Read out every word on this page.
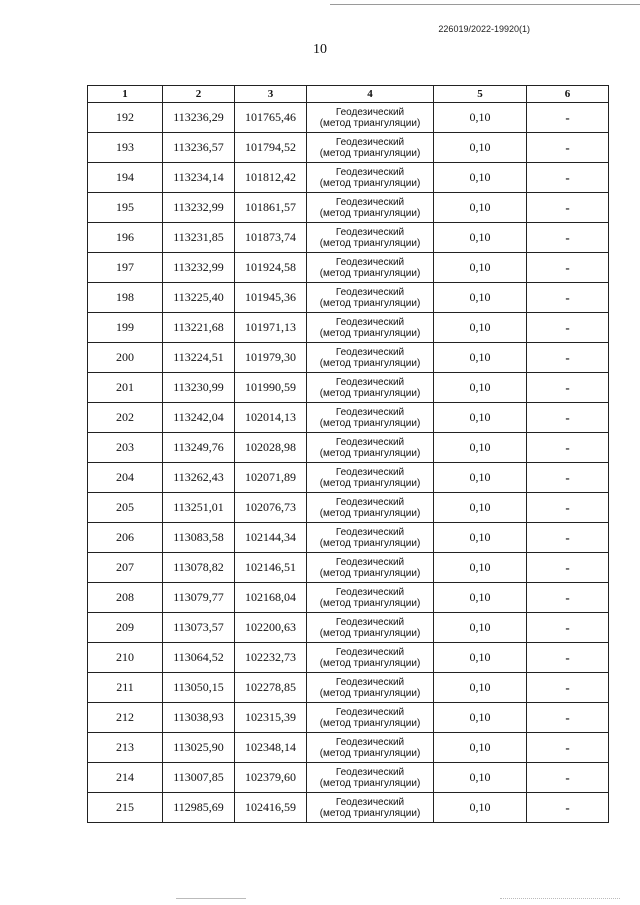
226019/2022-19920(1)
10
1	2	3	4	5	6
192	113236,29	101765,46	Геодезический
(метод триангуляции)	0,10	-
193	113236,57	101794,52	Геодезический
(метод триангуляции)	0,10	-
194	113234,14	101812,42	Геодезический
(метод триангуляции)	0,10	-
195	113232,99	101861,57	Геодезический
(метод триангуляции)	0,10	-
196	113231,85	101873,74	Геодезический
(метод триангуляции)	0,10	-
197	113232,99	101924,58	Геодезический
(метод триангуляции)	0,10	-
198	113225,40	101945,36	Геодезический
(метод триангуляции)	0,10	-
199	113221,68	101971,13	Геодезический
(метод триангуляции)	0,10	-
200	113224,51	101979,30	Геодезический
(метод триангуляции)	0,10	-
201	113230,99	101990,59	Геодезический
(метод триангуляции)	0,10	-
202	113242,04	102014,13	Геодезический
(метод триангуляции)	0,10	-
203	113249,76	102028,98	Геодезический
(метод триангуляции)	0,10	-
204	113262,43	102071,89	Геодезический
(метод триангуляции)	0,10	-
205	113251,01	102076,73	Геодезический
(метод триангуляции)	0,10	-
206	113083,58	102144,34	Геодезический
(метод триангуляции)	0,10	-
207	113078,82	102146,51	Геодезический
(метод триангуляции)	0,10	-
208	113079,77	102168,04	Геодезический
(метод триангуляции)	0,10	-
209	113073,57	102200,63	Геодезический
(метод триангуляции)	0,10	-
210	113064,52	102232,73	Геодезический
(метод триангуляции)	0,10	-
211	113050,15	102278,85	Геодезический
(метод триангуляции)	0,10	-
212	113038,93	102315,39	Геодезический
(метод триангуляции)	0,10	-
213	113025,90	102348,14	Геодезический
(метод триангуляции)	0,10	-
214	113007,85	102379,60	Геодезический
(метод триангуляции)	0,10	-
215	112985,69	102416,59	Геодезический
(метод триангуляции)	0,10	-
